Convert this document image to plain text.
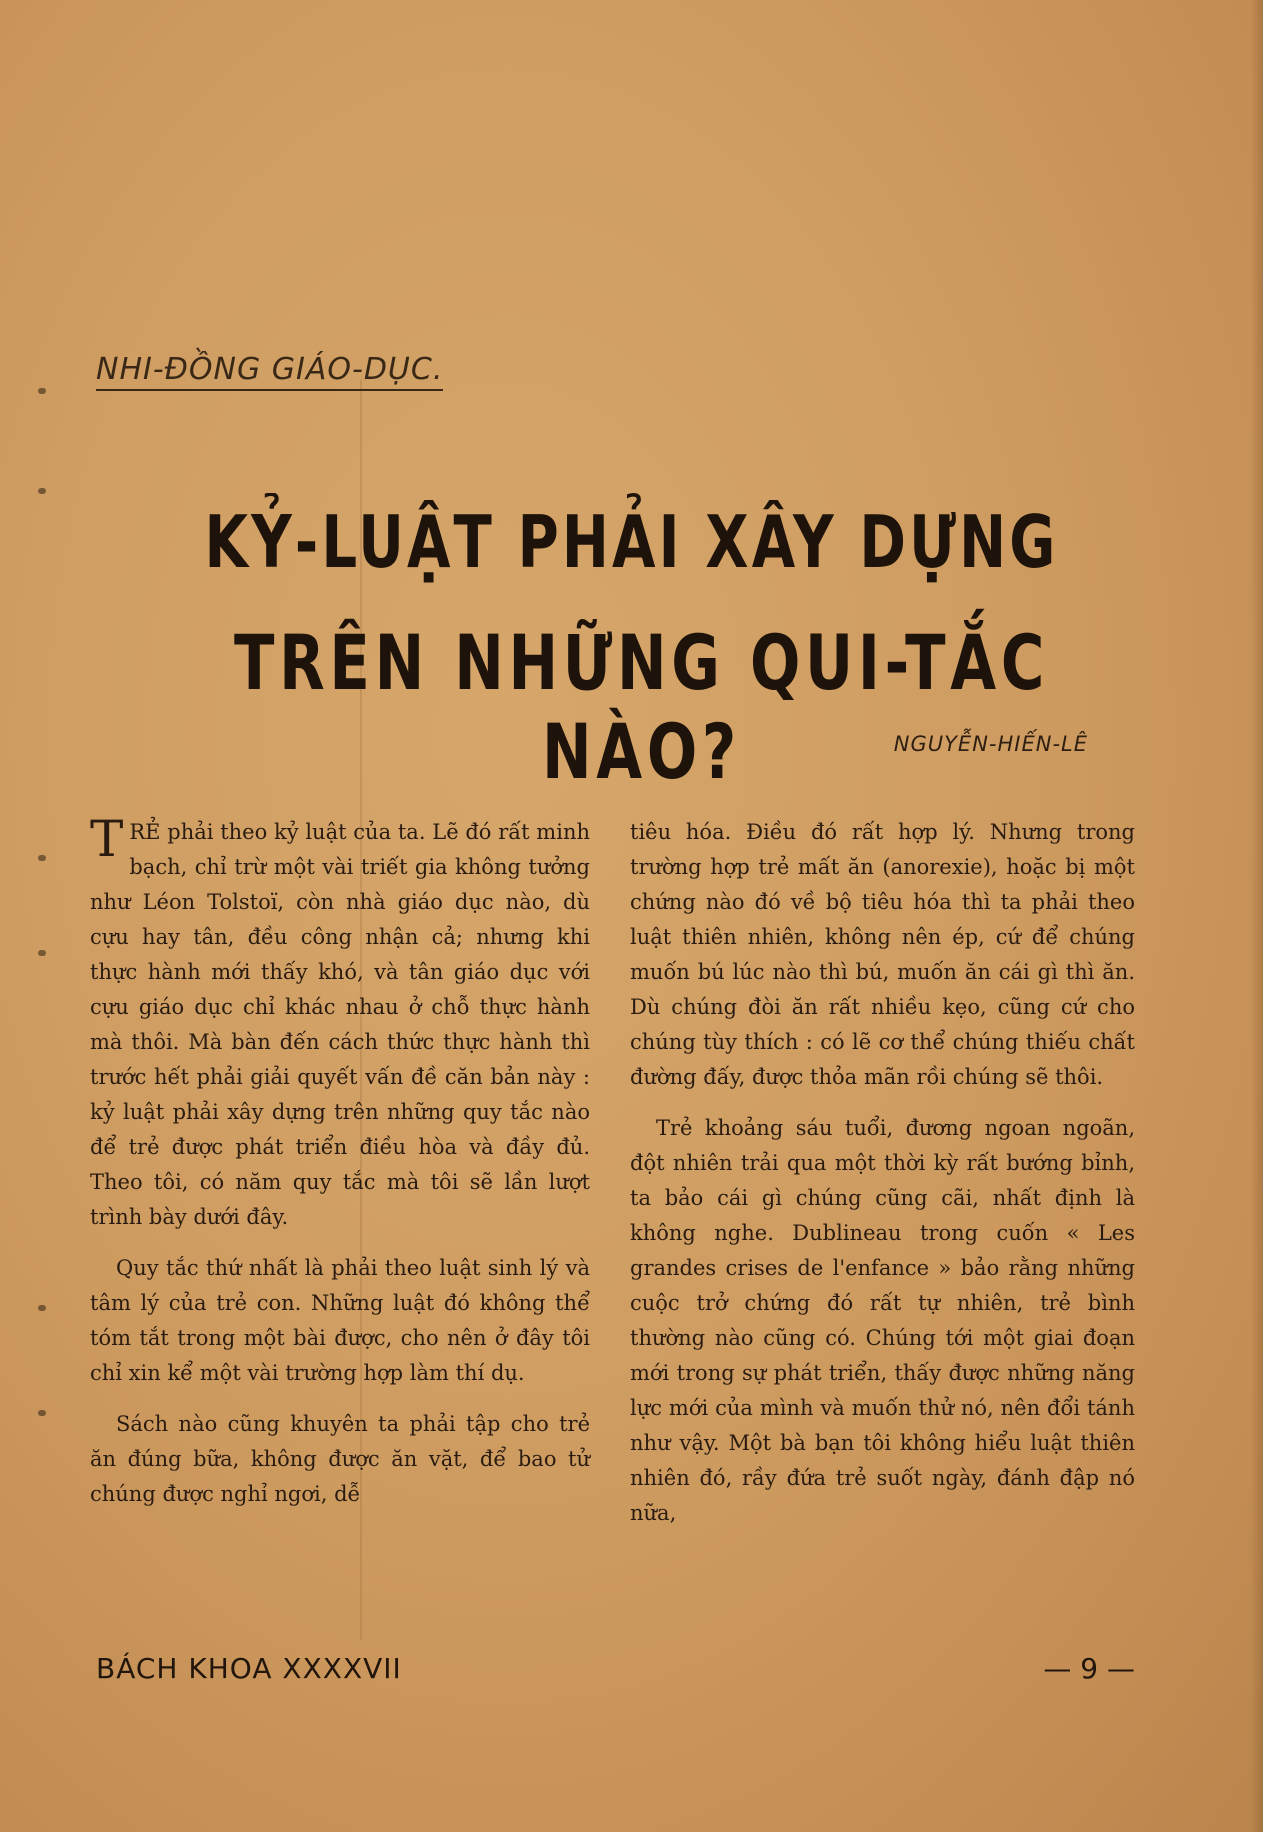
NHI-ĐỒNG GIÁO-DỤC.
KỶ-LUẬT PHẢI XÂY DỰNG
TRÊN NHỮNG QUI-TẮC NÀO?	NGUYỄN-HIẾN-LÊ

TRẺ phải theo kỷ luật của ta. Lẽ đó rất minh bạch, chỉ trừ một vài triết gia không tưởng như Léon Tolstoï, còn nhà giáo dục nào, dù cựu hay tân, đều công nhận cả; nhưng khi thực hành mới thấy khó, và tân giáo dục với cựu giáo dục chỉ khác nhau ở chỗ thực hành mà thôi. Mà bàn đến cách thức thực hành thì trước hết phải giải quyết vấn đề căn bản này : kỷ luật phải xây dựng trên những quy tắc nào để trẻ được phát triển điều hòa và đầy đủ. Theo tôi, có năm quy tắc mà tôi sẽ lần lượt trình bày dưới đây.

Quy tắc thứ nhất là phải theo luật sinh lý và tâm lý của trẻ con. Những luật đó không thể tóm tắt trong một bài được, cho nên ở đây tôi chỉ xin kể một vài trường hợp làm thí dụ.

Sách nào cũng khuyên ta phải tập cho trẻ ăn đúng bữa, không được ăn vặt, để bao tử chúng được nghỉ ngơi, dễ

tiêu hóa. Điều đó rất hợp lý. Nhưng trong trường hợp trẻ mất ăn (anorexie), hoặc bị một chứng nào đó về bộ tiêu hóa thì ta phải theo luật thiên nhiên, không nên ép, cứ để chúng muốn bú lúc nào thì bú, muốn ăn cái gì thì ăn. Dù chúng đòi ăn rất nhiều kẹo, cũng cứ cho chúng tùy thích : có lẽ cơ thể chúng thiếu chất đường đấy, được thỏa mãn rồi chúng sẽ thôi.

Trẻ khoảng sáu tuổi, đương ngoan ngoãn, đột nhiên trải qua một thời kỳ rất bướng bỉnh, ta bảo cái gì chúng cũng cãi, nhất định là không nghe. Dublineau trong cuốn « Les grandes crises de l'enfance » bảo rằng những cuộc trở chứng đó rất tự nhiên, trẻ bình thường nào cũng có. Chúng tới một giai đoạn mới trong sự phát triển, thấy được những năng lực mới của mình và muốn thử nó, nên đổi tánh như vậy. Một bà bạn tôi không hiểu luật thiên nhiên đó, rầy đứa trẻ suốt ngày, đánh đập nó nữa,

BÁCH KHOA XXXXVII	— 9 —
